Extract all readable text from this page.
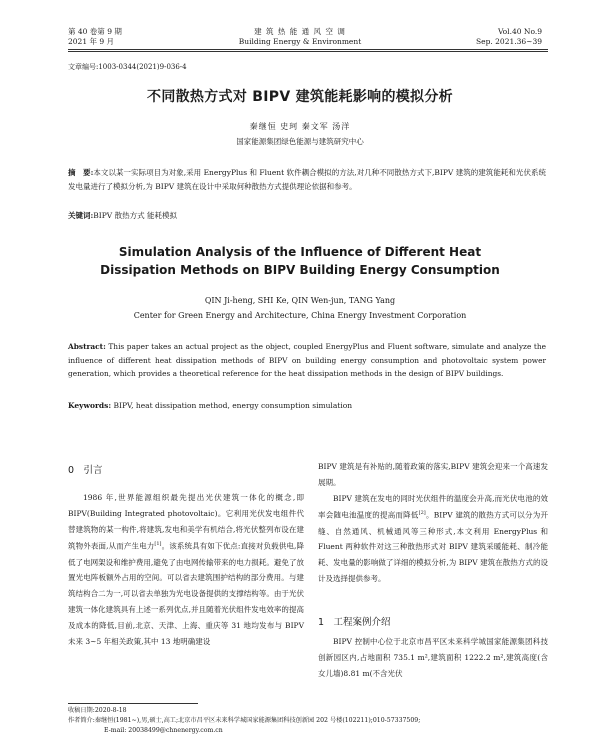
第 40 卷第 9 期
2021 年 9 月
建 筑 热 能 通 风 空 调
Building Energy & Environment
Vol.40 No.9
Sep. 2021.36~39
文章编号:1003-0344(2021)9-036-4
不同散热方式对 BIPV 建筑能耗影响的模拟分析
秦继恒 史珂 秦文军 汤洋
国家能源集团绿色能源与建筑研究中心
摘　要:本文以某一实际项目为对象,采用 EnergyPlus 和 Fluent 软件耦合模拟的方法,对几种不同散热方式下,BIPV 建筑的建筑能耗和光伏系统发电量进行了模拟分析,为 BIPV 建筑在设计中采取何种散热方式提供理论依据和参考。
关键词:BIPV 散热方式 能耗模拟
Simulation Analysis of the Influence of Different Heat
Dissipation Methods on BIPV Building Energy Consumption
QIN Ji-heng, SHI Ke, QIN Wen-jun, TANG Yang
Center for Green Energy and Architecture, China Energy Investment Corporation
Abstract: This paper takes an actual project as the object, coupled EnergyPlus and Fluent software, simulate and analyze the influence of different heat dissipation methods of BIPV on building energy consumption and photovoltaic system power generation, which provides a theoretical reference for the heat dissipation methods in the design of BIPV buildings.
Keywords: BIPV, heat dissipation method, energy consumption simulation
0　引言

1986 年,世界能源组织最先提出光伏建筑一体化的概念,即 BIPV(Building Integrated photovoltaic)。它利用光伏发电组件代替建筑物的某一构件,将建筑,发电和美学有机结合,将光伏整列布设在建筑物外表面,从而产生电力[1]。该系统具有如下优点:直接对负载供电,降低了电网架设和维护费用,避免了由电网传输带来的电力损耗。避免了放置光电阵板额外占用的空间。可以省去建筑围护结构的部分费用。与建筑结构合二为一,可以省去单独为光电设备提供的支撑结构等。由于光伏建筑一体化建筑具有上述一系列优点,并且随着光伏组件发电效率的提高及成本的降低,目前,北京、天津、上海、重庆等 31 地均发布与 BIPV 未来 3~5 年相关政策,其中 13 地明确建设

BIPV 建筑是有补贴的,随着政策的落实,BIPV 建筑会迎来一个高速发展期。

BIPV 建筑在发电的同时光伏组件的温度会升高,而光伏电池的效率会随电池温度的提高而降低[2]。BIPV 建筑的散热方式可以分为开缝、自然通风、机械通风等三种形式,本文利用 EnergyPlus 和 Fluent 两种软件对这三种散热形式对 BIPV 建筑采暖能耗、制冷能耗、发电量的影响做了详细的模拟分析,为 BIPV 建筑在散热方式的设计及选择提供参考。

1　工程案例介绍

BIPV 控制中心位于北京市昌平区未来科学城国家能源集团科技创新园区内,占地面积 735.1 m²,建筑面积 1222.2 m²,建筑高度(含女儿墙)8.81 m(不含光伏

收稿日期:2020-8-18
作者简介:秦继恒(1981~),男,硕士,高工;北京市昌平区未来科学城国家能源集团科技创新园 202 号楼(102211);010-57337509;
E-mail: 20038499@chnenergy.com.cn
